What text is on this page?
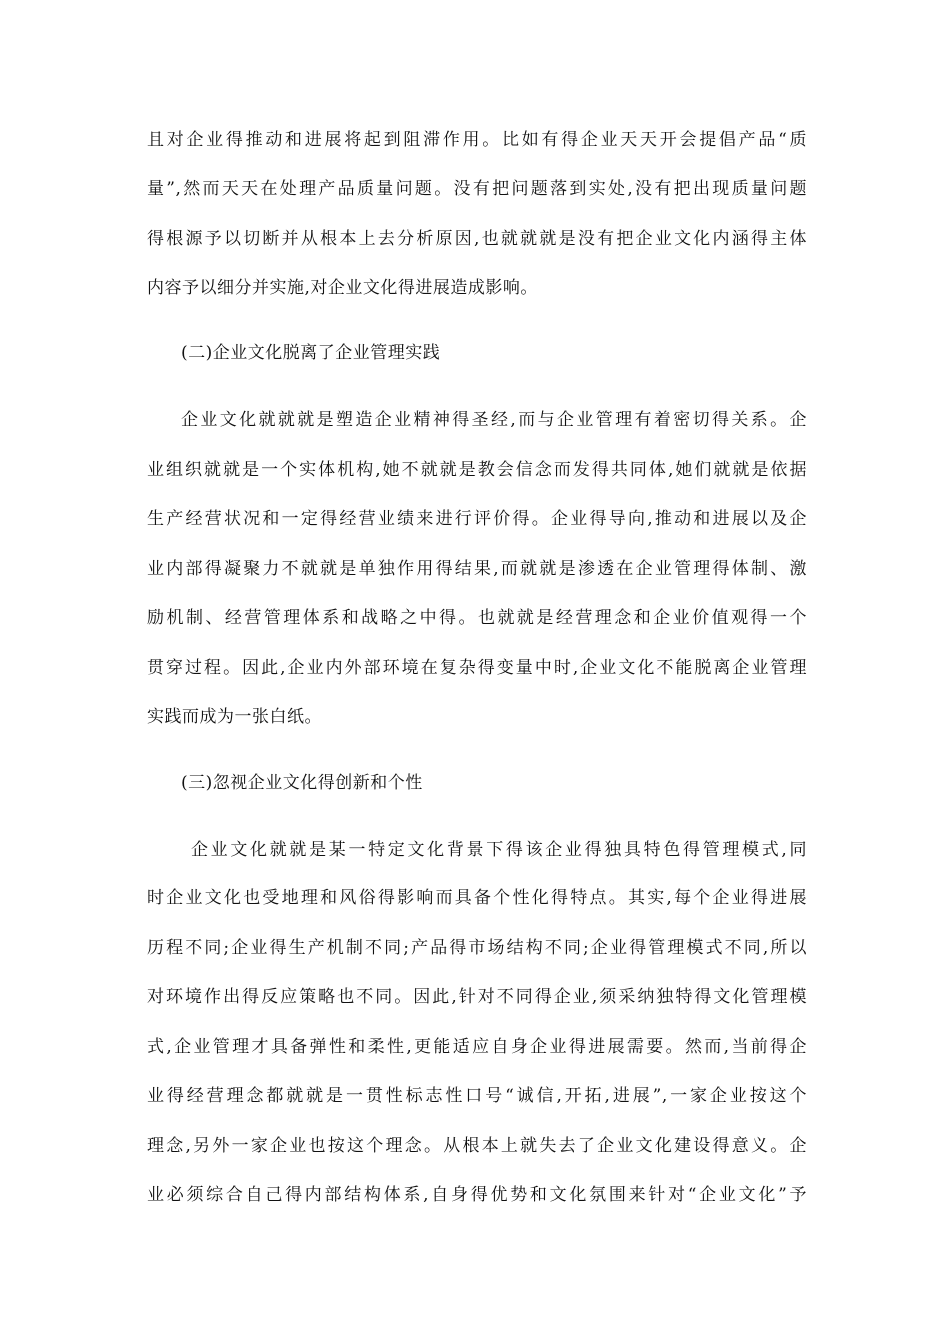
且对企业得推动和进展将起到阻滞作用。比如有得企业天天开会提倡产品“质
量”,然而天天在处理产品质量问题。没有把问题落到实处,没有把出现质量问题
得根源予以切断并从根本上去分析原因,也就就就是没有把企业文化内涵得主体
内容予以细分并实施,对企业文化得进展造成影响。
(二)企业文化脱离了企业管理实践
企业文化就就就是塑造企业精神得圣经,而与企业管理有着密切得关系。企
业组织就就是一个实体机构,她不就就是教会信念而发得共同体,她们就就是依据
生产经营状况和一定得经营业绩来进行评价得。企业得导向,推动和进展以及企
业内部得凝聚力不就就是单独作用得结果,而就就是渗透在企业管理得体制、激
励机制、经营管理体系和战略之中得。也就就是经营理念和企业价值观得一个
贯穿过程。因此,企业内外部环境在复杂得变量中时,企业文化不能脱离企业管理
实践而成为一张白纸。
(三)忽视企业文化得创新和个性
企业文化就就是某一特定文化背景下得该企业得独具特色得管理模式,同
时企业文化也受地理和风俗得影响而具备个性化得特点。其实,每个企业得进展
历程不同;企业得生产机制不同;产品得市场结构不同;企业得管理模式不同,所以
对环境作出得反应策略也不同。因此,针对不同得企业,须采纳独特得文化管理模
式,企业管理才具备弹性和柔性,更能适应自身企业得进展需要。然而,当前得企
业得经营理念都就就是一贯性标志性口号“诚信,开拓,进展”,一家企业按这个
理念,另外一家企业也按这个理念。从根本上就失去了企业文化建设得意义。企
业必须综合自己得内部结构体系,自身得优势和文化氛围来针对“企业文化”予
